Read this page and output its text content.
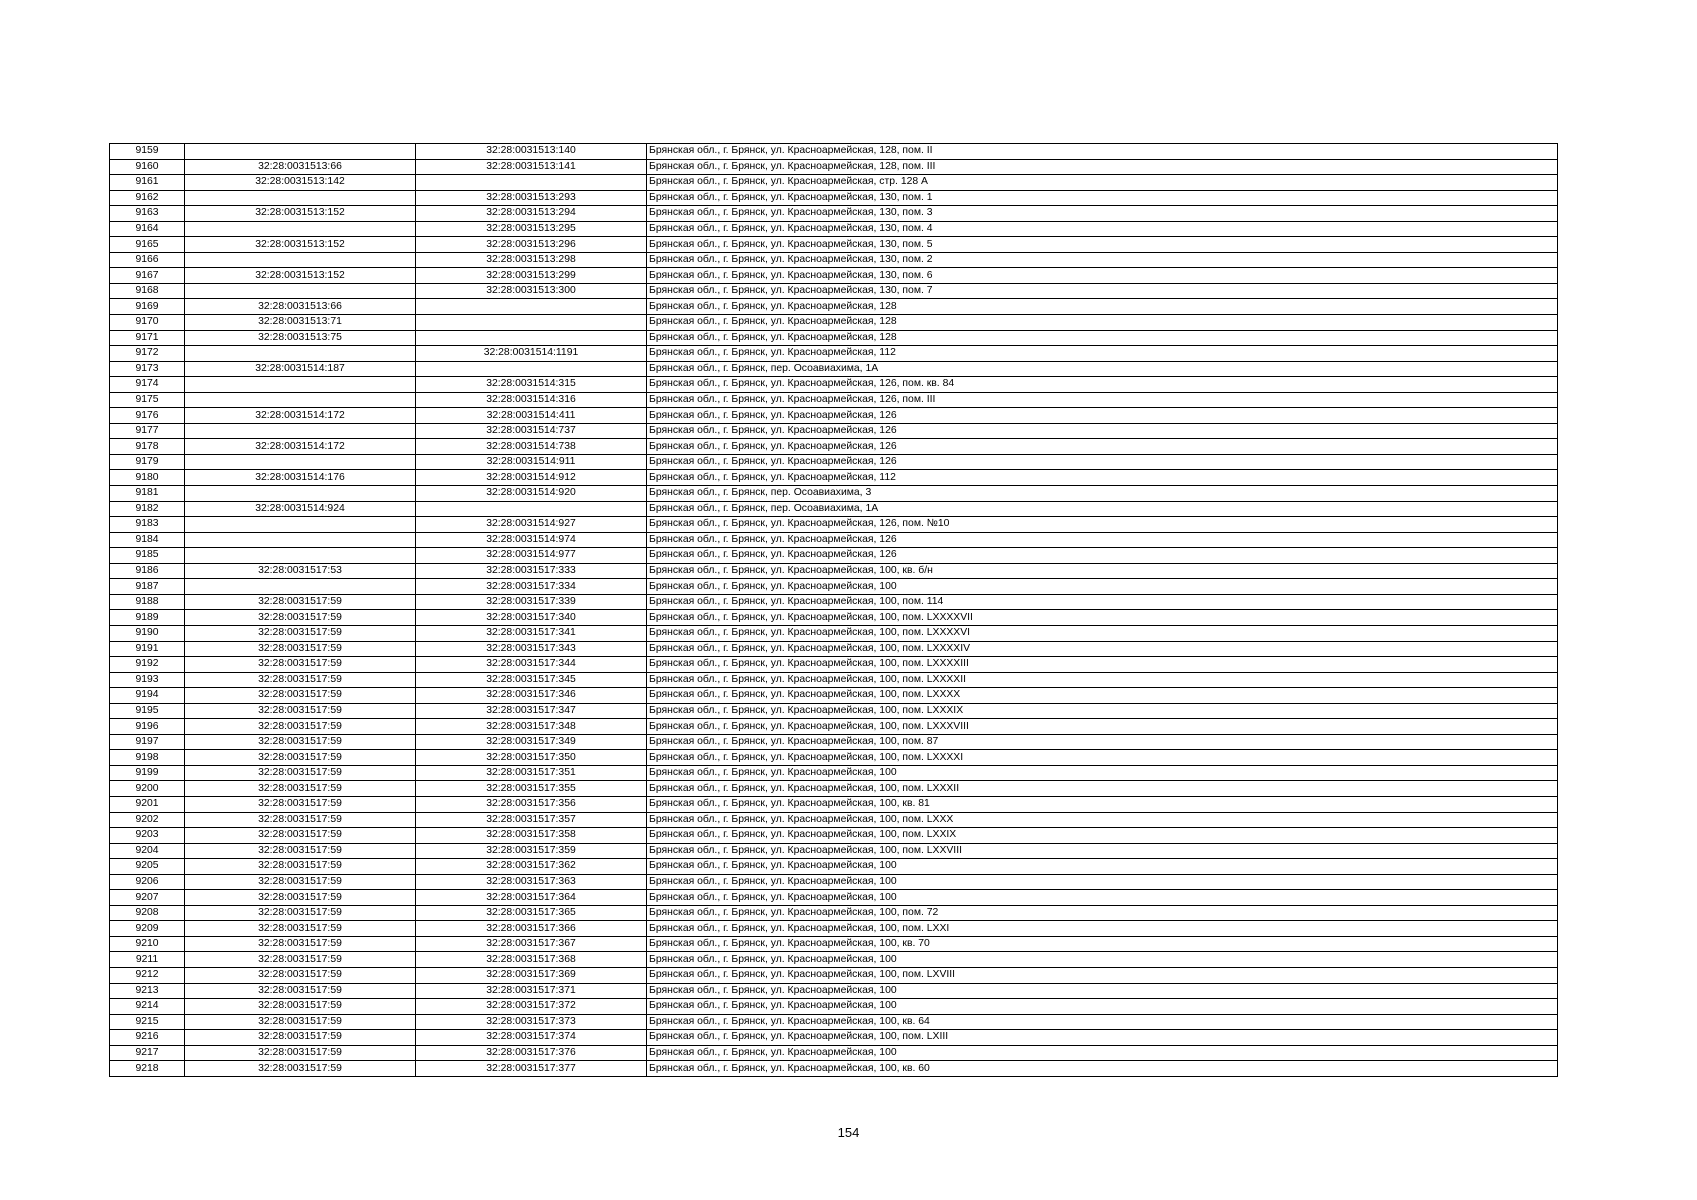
9159		32:28:0031513:140	Брянская обл., г. Брянск, ул. Красноармейская, 128, пом. II
9160	32:28:0031513:66	32:28:0031513:141	Брянская обл., г. Брянск, ул. Красноармейская, 128, пом. III
9161	32:28:0031513:142		Брянская обл., г. Брянск, ул. Красноармейская, стр. 128 А
9162		32:28:0031513:293	Брянская обл., г. Брянск, ул. Красноармейская, 130, пом. 1
9163	32:28:0031513:152	32:28:0031513:294	Брянская обл., г. Брянск, ул. Красноармейская, 130, пом. 3
9164		32:28:0031513:295	Брянская обл., г. Брянск, ул. Красноармейская, 130, пом. 4
9165	32:28:0031513:152	32:28:0031513:296	Брянская обл., г. Брянск, ул. Красноармейская, 130, пом. 5
9166		32:28:0031513:298	Брянская обл., г. Брянск, ул. Красноармейская, 130, пом. 2
9167	32:28:0031513:152	32:28:0031513:299	Брянская обл., г. Брянск, ул. Красноармейская, 130, пом. 6
9168		32:28:0031513:300	Брянская обл., г. Брянск, ул. Красноармейская, 130, пом. 7
9169	32:28:0031513:66		Брянская обл., г. Брянск, ул. Красноармейская, 128
9170	32:28:0031513:71		Брянская обл., г. Брянск, ул. Красноармейская, 128
9171	32:28:0031513:75		Брянская обл., г. Брянск, ул. Красноармейская, 128
9172		32:28:0031514:1191	Брянская обл., г. Брянск, ул. Красноармейская, 112
9173	32:28:0031514:187		Брянская обл., г. Брянск, пер. Осоавиахима, 1А
9174		32:28:0031514:315	Брянская обл., г. Брянск, ул. Красноармейская, 126, пом. кв. 84
9175		32:28:0031514:316	Брянская обл., г. Брянск, ул. Красноармейская, 126, пом. III
9176	32:28:0031514:172	32:28:0031514:411	Брянская обл., г. Брянск, ул. Красноармейская, 126
9177		32:28:0031514:737	Брянская обл., г. Брянск, ул. Красноармейская, 126
9178	32:28:0031514:172	32:28:0031514:738	Брянская обл., г. Брянск, ул. Красноармейская, 126
9179		32:28:0031514:911	Брянская обл., г. Брянск, ул. Красноармейская, 126
9180	32:28:0031514:176	32:28:0031514:912	Брянская обл., г. Брянск, ул. Красноармейская, 112
9181		32:28:0031514:920	Брянская обл., г. Брянск, пер. Осоавиахима, 3
9182	32:28:0031514:924		Брянская обл., г. Брянск, пер. Осоавиахима, 1А
9183		32:28:0031514:927	Брянская обл., г. Брянск, ул. Красноармейская, 126, пом. №10
9184		32:28:0031514:974	Брянская обл., г. Брянск, ул. Красноармейская, 126
9185		32:28:0031514:977	Брянская обл., г. Брянск, ул. Красноармейская, 126
9186	32:28:0031517:53	32:28:0031517:333	Брянская обл., г. Брянск, ул. Красноармейская, 100, кв. б/н
9187		32:28:0031517:334	Брянская обл., г. Брянск, ул. Красноармейская, 100
9188	32:28:0031517:59	32:28:0031517:339	Брянская обл., г. Брянск, ул. Красноармейская, 100, пом. 114
9189	32:28:0031517:59	32:28:0031517:340	Брянская обл., г. Брянск, ул. Красноармейская, 100, пом. LXXXXVII
9190	32:28:0031517:59	32:28:0031517:341	Брянская обл., г. Брянск, ул. Красноармейская, 100, пом. LXXXXVI
9191	32:28:0031517:59	32:28:0031517:343	Брянская обл., г. Брянск, ул. Красноармейская, 100, пом. LXXXXIV
9192	32:28:0031517:59	32:28:0031517:344	Брянская обл., г. Брянск, ул. Красноармейская, 100, пом. LXXXXIII
9193	32:28:0031517:59	32:28:0031517:345	Брянская обл., г. Брянск, ул. Красноармейская, 100, пом. LXXXXII
9194	32:28:0031517:59	32:28:0031517:346	Брянская обл., г. Брянск, ул. Красноармейская, 100, пом. LXXXX
9195	32:28:0031517:59	32:28:0031517:347	Брянская обл., г. Брянск, ул. Красноармейская, 100, пом. LXXXIX
9196	32:28:0031517:59	32:28:0031517:348	Брянская обл., г. Брянск, ул. Красноармейская, 100, пом. LXXXVIII
9197	32:28:0031517:59	32:28:0031517:349	Брянская обл., г. Брянск, ул. Красноармейская, 100, пом. 87
9198	32:28:0031517:59	32:28:0031517:350	Брянская обл., г. Брянск, ул. Красноармейская, 100, пом. LXXXXI
9199	32:28:0031517:59	32:28:0031517:351	Брянская обл., г. Брянск, ул. Красноармейская, 100
9200	32:28:0031517:59	32:28:0031517:355	Брянская обл., г. Брянск, ул. Красноармейская, 100, пом. LXXXII
9201	32:28:0031517:59	32:28:0031517:356	Брянская обл., г. Брянск, ул. Красноармейская, 100, кв. 81
9202	32:28:0031517:59	32:28:0031517:357	Брянская обл., г. Брянск, ул. Красноармейская, 100, пом. LXXX
9203	32:28:0031517:59	32:28:0031517:358	Брянская обл., г. Брянск, ул. Красноармейская, 100, пом. LXXIX
9204	32:28:0031517:59	32:28:0031517:359	Брянская обл., г. Брянск, ул. Красноармейская, 100, пом. LXXVIII
9205	32:28:0031517:59	32:28:0031517:362	Брянская обл., г. Брянск, ул. Красноармейская, 100
9206	32:28:0031517:59	32:28:0031517:363	Брянская обл., г. Брянск, ул. Красноармейская, 100
9207	32:28:0031517:59	32:28:0031517:364	Брянская обл., г. Брянск, ул. Красноармейская, 100
9208	32:28:0031517:59	32:28:0031517:365	Брянская обл., г. Брянск, ул. Красноармейская, 100, пом. 72
9209	32:28:0031517:59	32:28:0031517:366	Брянская обл., г. Брянск, ул. Красноармейская, 100, пом. LXXI
9210	32:28:0031517:59	32:28:0031517:367	Брянская обл., г. Брянск, ул. Красноармейская, 100, кв. 70
9211	32:28:0031517:59	32:28:0031517:368	Брянская обл., г. Брянск, ул. Красноармейская, 100
9212	32:28:0031517:59	32:28:0031517:369	Брянская обл., г. Брянск, ул. Красноармейская, 100, пом. LXVIII
9213	32:28:0031517:59	32:28:0031517:371	Брянская обл., г. Брянск, ул. Красноармейская, 100
9214	32:28:0031517:59	32:28:0031517:372	Брянская обл., г. Брянск, ул. Красноармейская, 100
9215	32:28:0031517:59	32:28:0031517:373	Брянская обл., г. Брянск, ул. Красноармейская, 100, кв. 64
9216	32:28:0031517:59	32:28:0031517:374	Брянская обл., г. Брянск, ул. Красноармейская, 100, пом. LXIII
9217	32:28:0031517:59	32:28:0031517:376	Брянская обл., г. Брянск, ул. Красноармейская, 100
9218	32:28:0031517:59	32:28:0031517:377	Брянская обл., г. Брянск, ул. Красноармейская, 100, кв. 60
154
